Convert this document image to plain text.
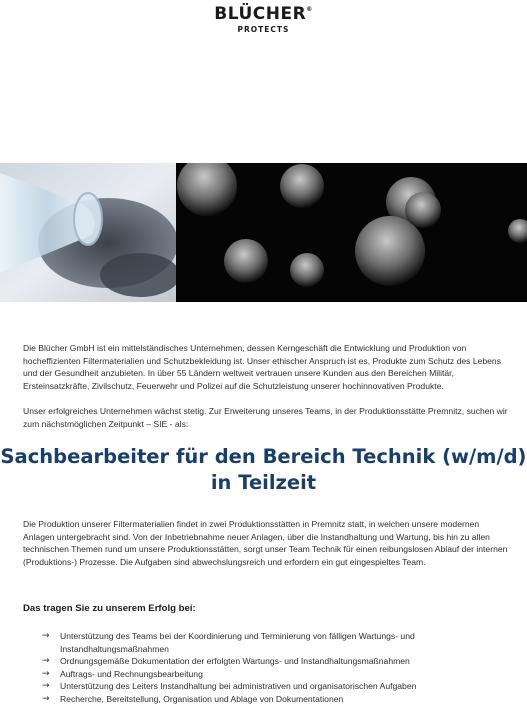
BLÜCHER®
PROTECTS

Die Blücher GmbH ist ein mittelständisches Unternehmen, dessen Kerngeschäft die Entwicklung und Produktion von hocheffizienten Filtermaterialien und Schutzbekleidung ist. Unser ethischer Anspruch ist es, Produkte zum Schutz des Lebens und der Gesundheit anzubieten. In über 55 Ländern weltweit vertrauen unsere Kunden aus den Bereichen Militär, Ersteinsatzkräfte, Zivilschutz, Feuerwehr und Polizei auf die Schutzleistung unserer hochinnovativen Produkte.

Unser erfolgreiches Unternehmen wächst stetig. Zur Erweiterung unseres Teams, in der Produktionsstätte Premnitz, suchen wir zum nächstmöglichen Zeitpunkt – SIE - als:

Sachbearbeiter für den Bereich Technik (w/m/d)
in Teilzeit

Die Produktion unserer Filtermaterialien findet in zwei Produktionsstätten in Premnitz statt, in welchen unsere modernen Anlagen untergebracht sind. Von der Inbetriebnahme neuer Anlagen, über die Instandhaltung und Wartung, bis hin zu allen technischen Themen rund um unsere Produktionsstätten, sorgt unser Team Technik für einen reibungslosen Ablauf der internen (Produktions-) Prozesse. Die Aufgaben sind abwechslungsreich und erfordern ein gut eingespieltes Team.

Das tragen Sie zu unserem Erfolg bei:
→ Unterstützung des Teams bei der Koordinierung und Terminierung von fälligen Wartungs- und Instandhaltungsmaßnahmen
→ Ordnungsgemäße Dokumentation der erfolgten Wartungs- und Instandhaltungsmaßnahmen
→ Auftrags- und Rechnungsbearbeitung
→ Unterstützung des Leiters Instandhaltung bei administrativen und organisatorischen Aufgaben
→ Recherche, Bereitstellung, Organisation und Ablage von Dokumentationen
